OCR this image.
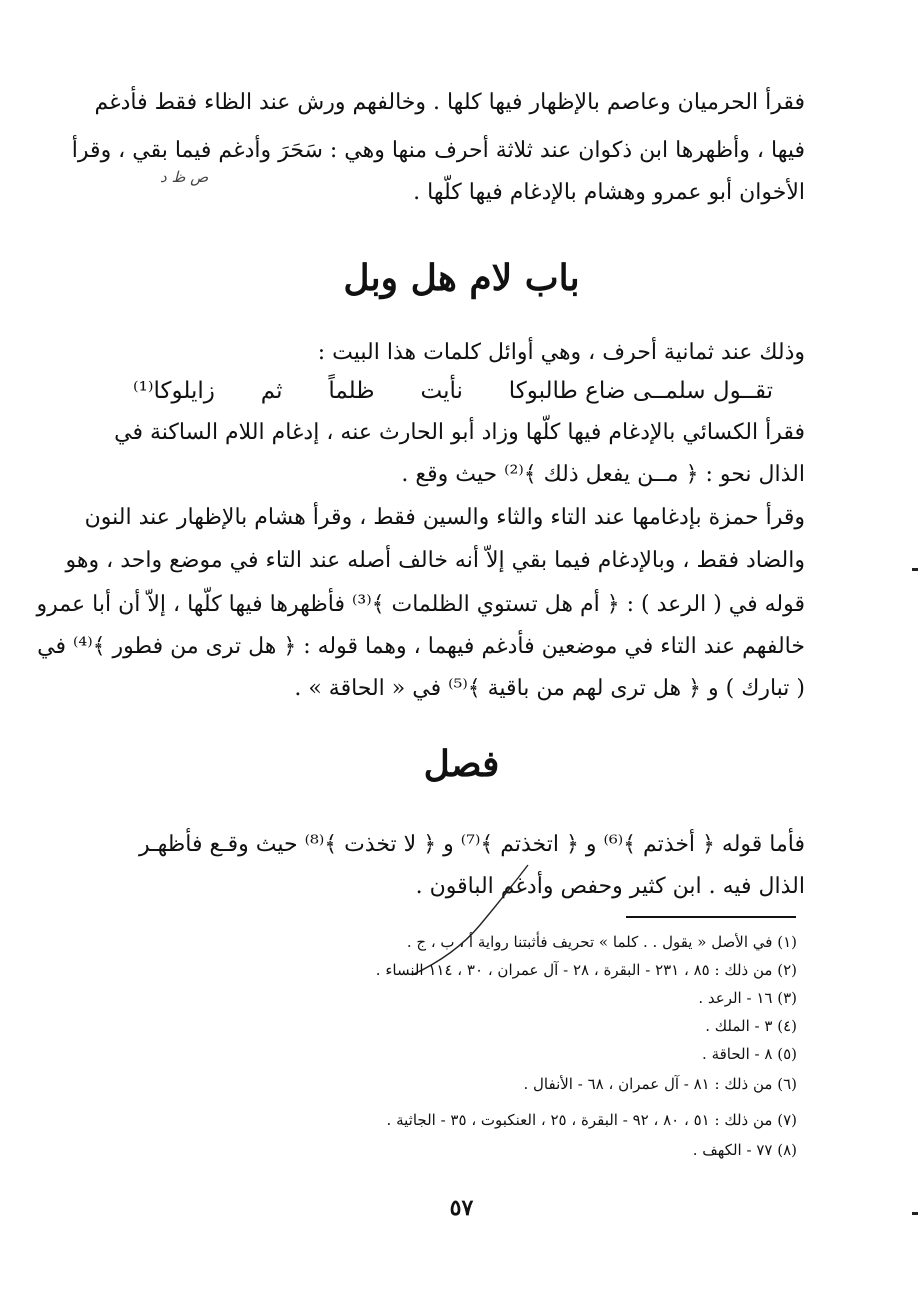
فقرأ الحرميان وعاصم بالإظهار فيها كلها . وخالفهم ورش عند الظاء فقط فأدغم
فيها ، وأظهرها ابن ذكوان عند ثلاثة أحرف منها وهي : سَحَرَ وأدغم فيما بقي ، وقرأ
الأخوان أبو عمرو وهشام بالإدغام فيها كلّها .
ص ظ د
باب لام هل وبل
وذلك عند ثمانية أحرف ، وهي أوائل كلمات هذا البيت :
تقــول سلمــى ضاع طالبوكا
نأيت
ظلماً
ثم
زايلوكا⁽¹⁾
فقرأ الكسائي بالإدغام فيها كلّها وزاد أبو الحارث عنه ، إدغام اللام الساكنة في
الذال نحو : ﴿ مــن يفعل ذلك ﴾⁽²⁾ حيث وقع .
وقرأ حمزة بإدغامها عند التاء والثاء والسين فقط ، وقرأ هشام بالإظهار عند النون
والضاد فقط ، وبالإدغام فيما بقي إلاّ أنه خالف أصله عند التاء في موضع واحد ، وهو
قوله في ( الرعد ) : ﴿ أم هل تستوي الظلمات ﴾⁽³⁾ فأظهرها فيها كلّها ، إلاّ أن أبا عمرو
خالفهم عند التاء في موضعين فأدغم فيهما ، وهما قوله : ﴿ هل ترى من فطور ﴾⁽⁴⁾ في
( تبارك ) و ﴿ هل ترى لهم من باقية ﴾⁽⁵⁾ في « الحاقة » .
فصل
فأما قوله ﴿ أخذتم ﴾⁽⁶⁾ و ﴿ اتخذتم ﴾⁽⁷⁾ و ﴿ لا تخذت ﴾⁽⁸⁾ حيث وقـع فأظهـر
الذال فيه . ابن كثير وحفص وأدغم الباقون .
(١) في الأصل « يقول . . كلما » تحريف فأثبتنا رواية أ ، ب ، ج .
(٢) من ذلك : ٨٥ ، ٢٣١ - البقرة ، ٢٨ - آل عمران ، ٣٠ ، ١١٤ النساء .
(٣) ١٦ - الرعد .
(٤) ٣ - الملك .
(٥) ٨ - الحاقة .
(٦) من ذلك : ٨١ - آل عمران ، ٦٨ - الأنفال .
(٧) من ذلك : ٥١ ، ٨٠ ، ٩٢ - البقرة ، ٢٥ ، العنكبوت ، ٣٥ - الجاثية .
(٨) ٧٧ - الكهف .
٥٧
